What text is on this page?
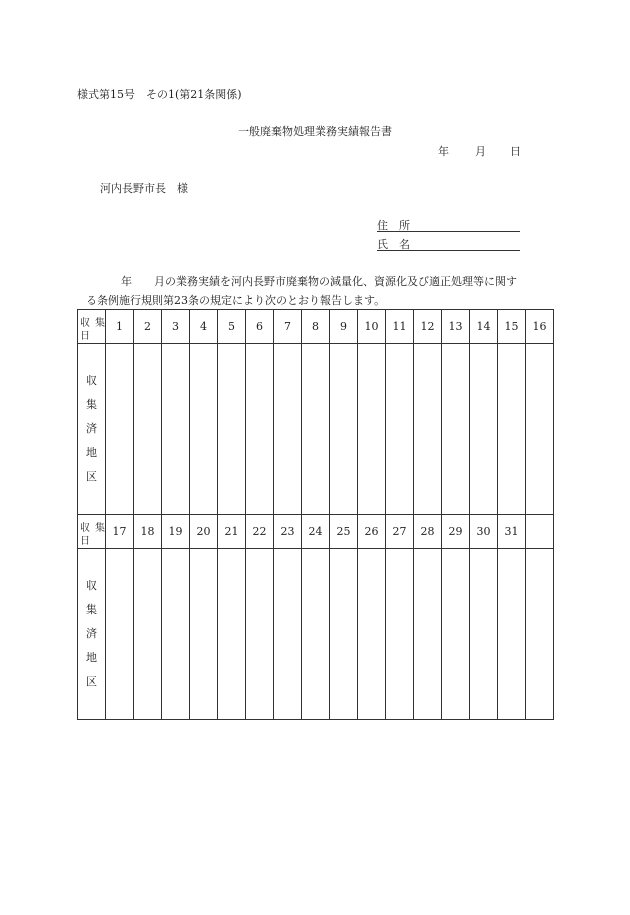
様式第15号　その1(第21条関係)
一般廃棄物処理業務実績報告書
年 月 日
河内長野市長　様
住　所
氏　名
年 月の業務実績を河内長野市廃棄物の減量化、資源化及び適正処理等に関す
る条例施行規則第23条の規定により次のとおり報告します。
収 集
日	1	2	3	4	5	6	7	8	9	10	11	12	13	14	15	16

収
集
済
地
区																

収 集
日	17	18	19	20	21	22	23	24	25	26	27	28	29	30	31	

収
集
済
地
区																
